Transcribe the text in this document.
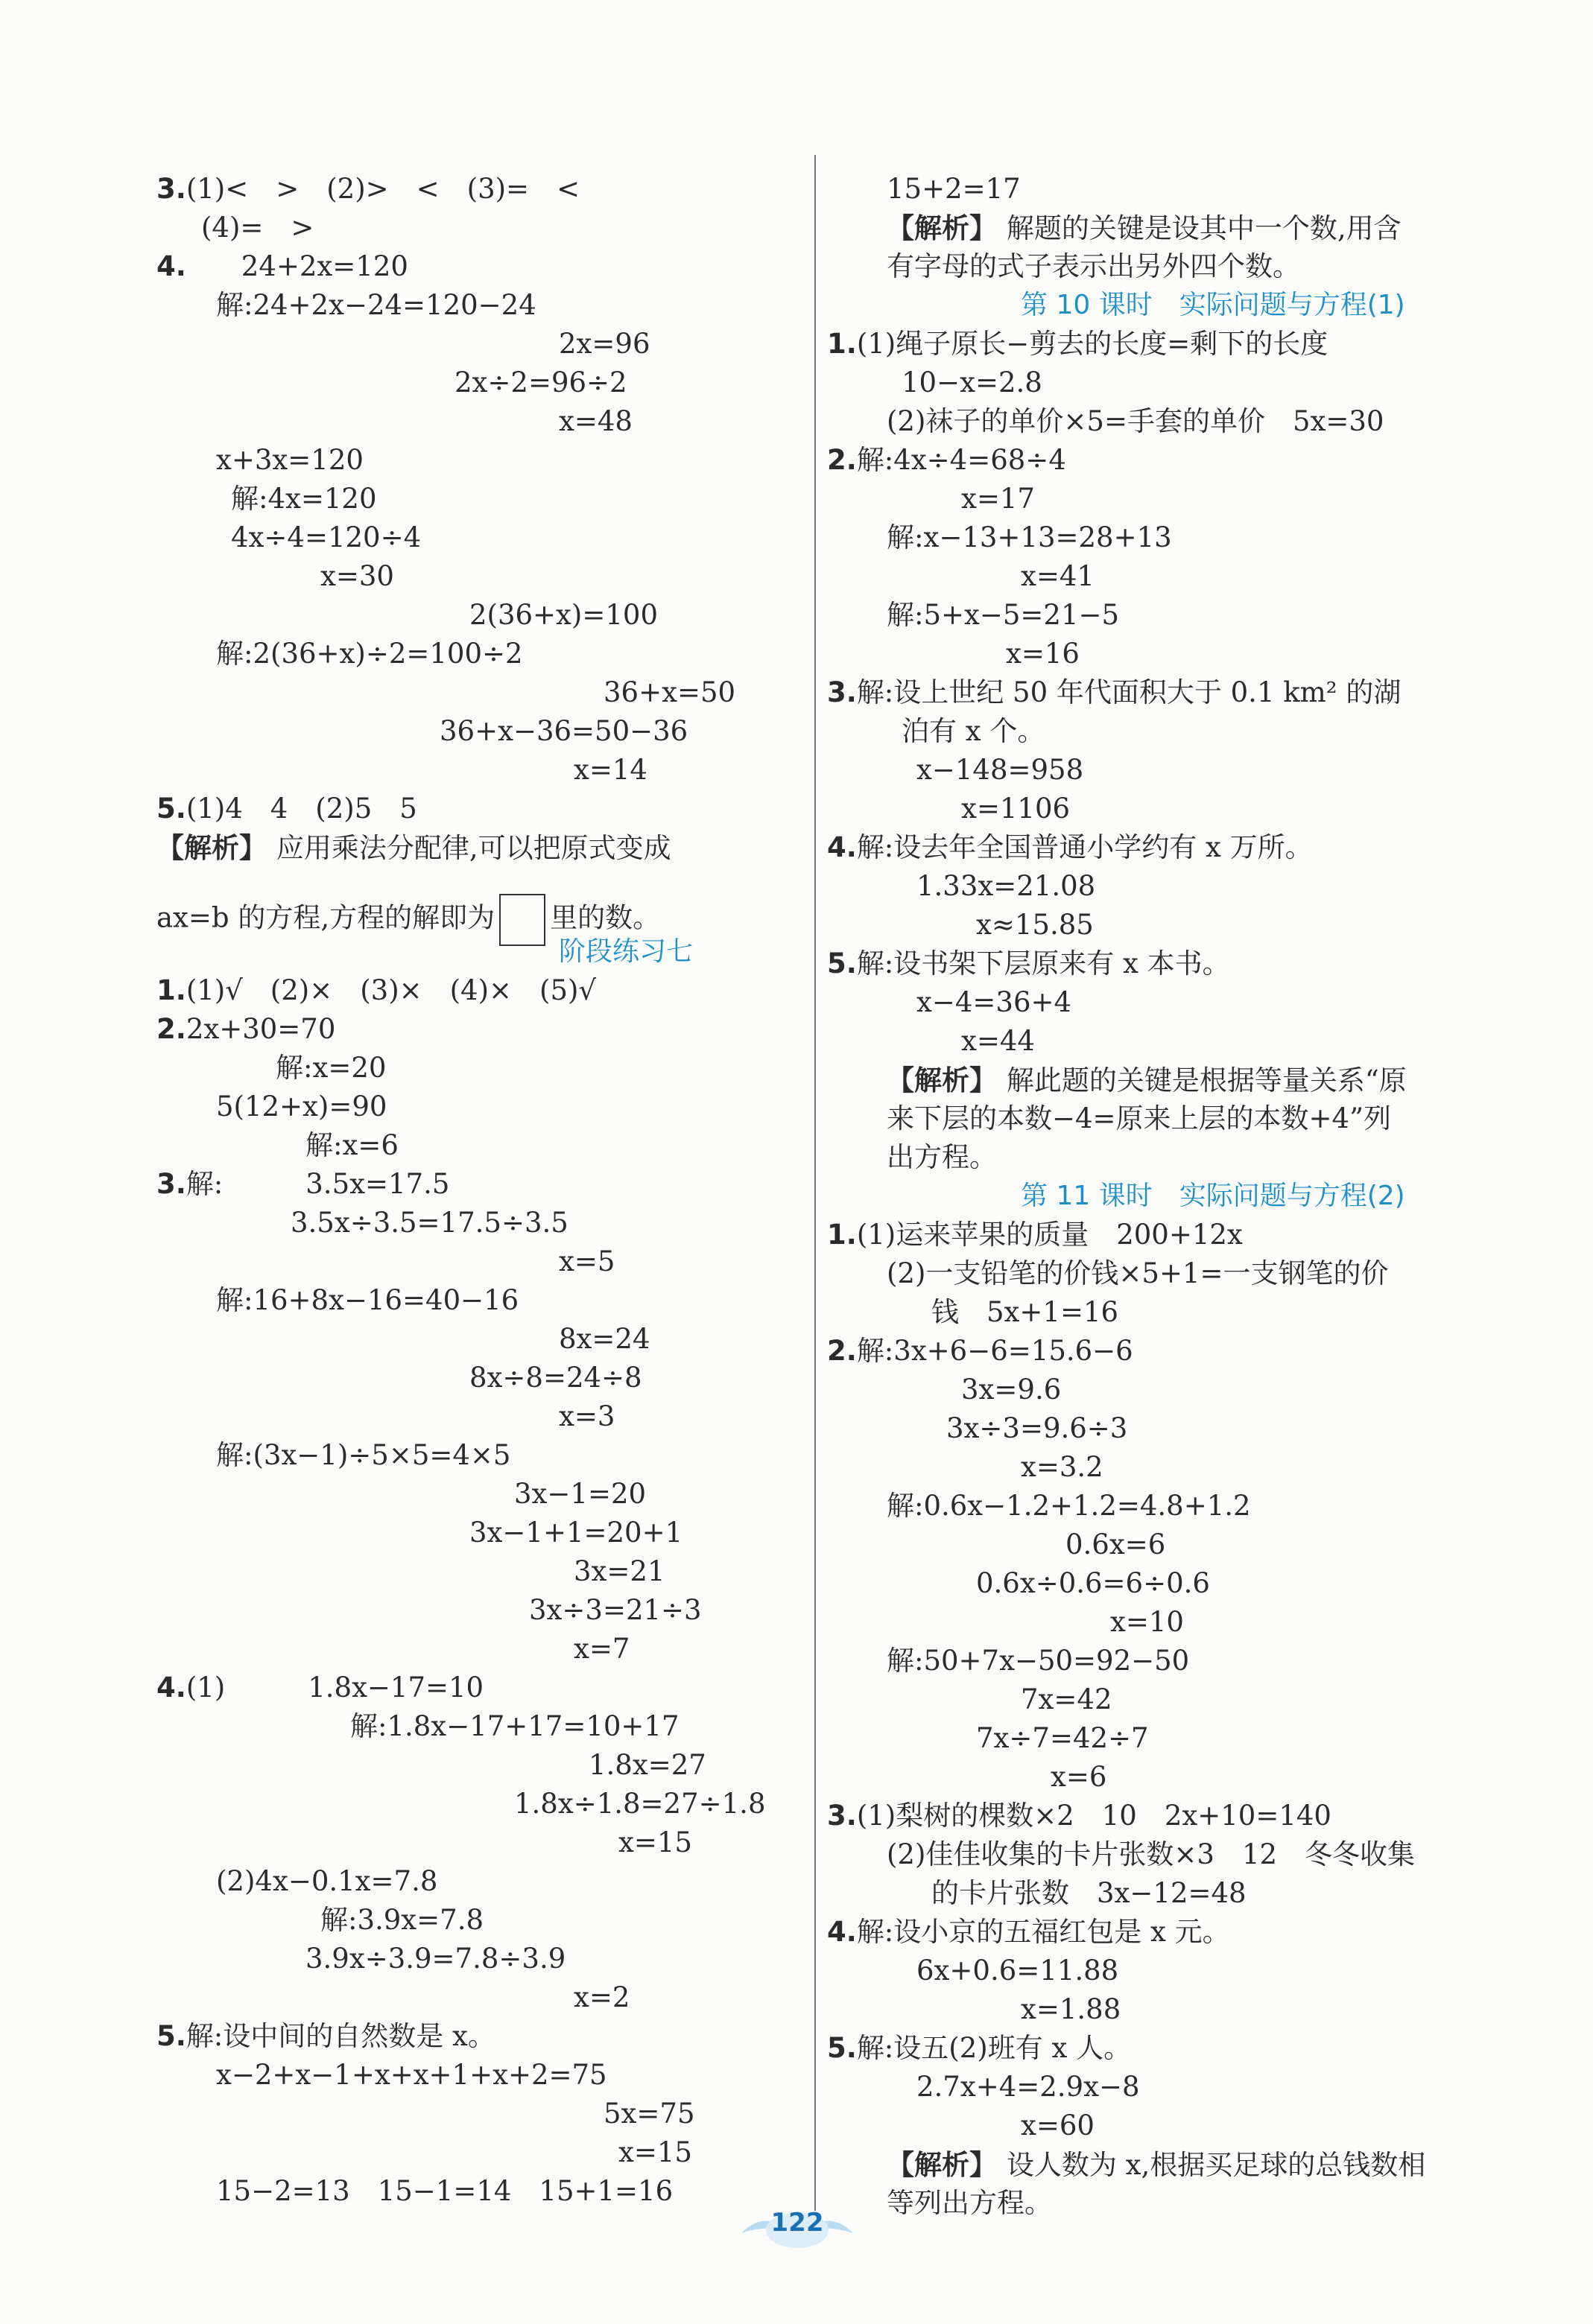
3.(1)<　>　(2)>　<　(3)=　<
(4)=　>
4.　　24+2x=120
解:24+2x−24=120−24
2x=96
2x÷2=96÷2
x=48
x+3x=120
解:4x=120
4x÷4=120÷4
x=30
2(36+x)=100
解:2(36+x)÷2=100÷2
36+x=50
36+x−36=50−36
x=14
5.(1)4　4　(2)5　5
【解析】 应用乘法分配律,可以把原式变成
ax=b 的方程,方程的解即为 里的数。
阶段练习七
1.(1)√　(2)×　(3)×　(4)×　(5)√
2.2x+30=70
解:x=20
5(12+x)=90
解:x=6
3.解:　　　3.5x=17.5
3.5x÷3.5=17.5÷3.5
x=5
解:16+8x−16=40−16
8x=24
8x÷8=24÷8
x=3
解:(3x−1)÷5×5=4×5
3x−1=20
3x−1+1=20+1
3x=21
3x÷3=21÷3
x=7
4.(1)　　　1.8x−17=10
解:1.8x−17+17=10+17
1.8x=27
1.8x÷1.8=27÷1.8
x=15
(2)4x−0.1x=7.8
解:3.9x=7.8
3.9x÷3.9=7.8÷3.9
x=2
5.解:设中间的自然数是 x。
x−2+x−1+x+x+1+x+2=75
5x=75
x=15
15−2=13　15−1=14　15+1=16
15+2=17
【解析】 解题的关键是设其中一个数,用含
有字母的式子表示出另外四个数。
第 10 课时　实际问题与方程(1)
1.(1)绳子原长−剪去的长度=剩下的长度
10−x=2.8
(2)袜子的单价×5=手套的单价　5x=30
2.解:4x÷4=68÷4
x=17
解:x−13+13=28+13
x=41
解:5+x−5=21−5
x=16
3.解:设上世纪 50 年代面积大于 0.1 km² 的湖
泊有 x 个。
x−148=958
x=1106
4.解:设去年全国普通小学约有 x 万所。
1.33x=21.08
x≈15.85
5.解:设书架下层原来有 x 本书。
x−4=36+4
x=44
【解析】 解此题的关键是根据等量关系“原
来下层的本数−4=原来上层的本数+4”列
出方程。
第 11 课时　实际问题与方程(2)
1.(1)运来苹果的质量　200+12x
(2)一支铅笔的价钱×5+1=一支钢笔的价
钱　5x+1=16
2.解:3x+6−6=15.6−6
3x=9.6
3x÷3=9.6÷3
x=3.2
解:0.6x−1.2+1.2=4.8+1.2
0.6x=6
0.6x÷0.6=6÷0.6
x=10
解:50+7x−50=92−50
7x=42
7x÷7=42÷7
x=6
3.(1)梨树的棵数×2　10　2x+10=140
(2)佳佳收集的卡片张数×3　12　冬冬收集
的卡片张数　3x−12=48
4.解:设小京的五福红包是 x 元。
6x+0.6=11.88
x=1.88
5.解:设五(2)班有 x 人。
2.7x+4=2.9x−8
x=60
【解析】 设人数为 x,根据买足球的总钱数相
等列出方程。
122
